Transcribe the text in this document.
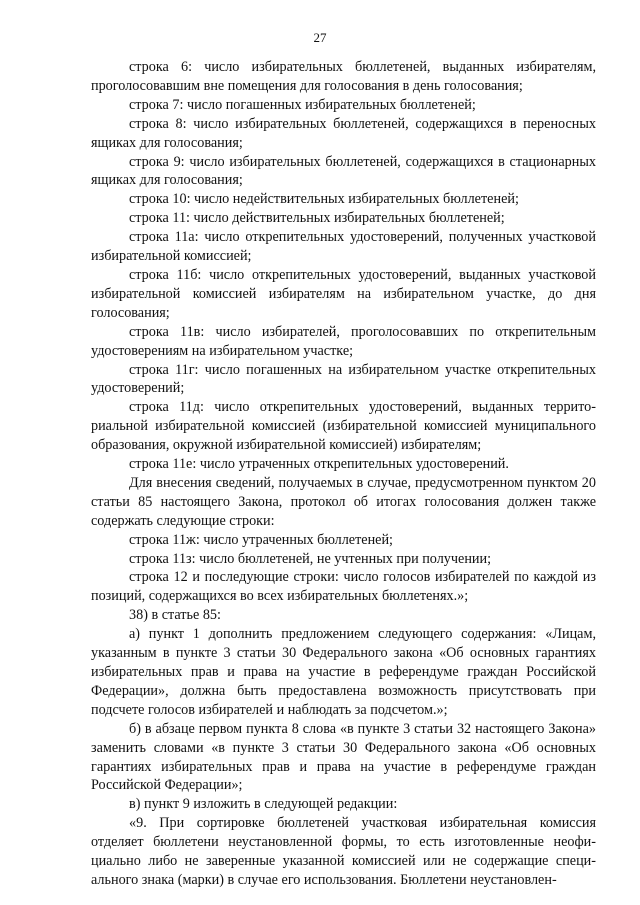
27

строка 6: число избирательных бюллетеней, выданных избирателям, проголосовавшим вне помещения для голосования в день голосования;

строка 7: число погашенных избирательных бюллетеней;

строка 8: число избирательных бюллетеней, содержащихся в переносных ящиках для голосования;

строка 9: число избирательных бюллетеней, содержащихся в стационарных ящиках для голосования;

строка 10: число недействительных избирательных бюллетеней;

строка 11: число действительных избирательных бюллетеней;

строка 11а: число открепительных удостоверений, полученных участковой избирательной комиссией;

строка 11б: число открепительных удостоверений, выданных участковой избирательной комиссией избирателям на избирательном участке, до дня голосования;

строка 11в: число избирателей, проголосовавших по открепительным удостоверениям на избирательном участке;

строка 11г: число погашенных на избирательном участке открепительных удостоверений;

строка 11д: число открепительных удостоверений, выданных территориальной избирательной комиссией (избирательной комиссией муниципального образования, окружной избирательной комиссией) избирателям;

строка 11е: число утраченных открепительных удостоверений.

Для внесения сведений, получаемых в случае, предусмотренном пунктом 20 статьи 85 настоящего Закона, протокол об итогах голосования должен также содержать следующие строки:

строка 11ж: число утраченных бюллетеней;

строка 11з: число бюллетеней, не учтенных при получении;

строка 12 и последующие строки: число голосов избирателей по каждой из позиций, содержащихся во всех избирательных бюллетенях.»;

38) в статье 85:

а) пункт 1 дополнить предложением следующего содержания: «Лицам, указанным в пункте 3 статьи 30 Федерального закона «Об основных гарантиях избирательных прав и права на участие в референдуме граждан Российской Федерации», должна быть предоставлена возможность присутствовать при подсчете голосов избирателей и наблюдать за подсчетом.»;

б) в абзаце первом пункта 8 слова «в пункте 3 статьи 32 настоящего Закона» заменить словами «в пункте 3 статьи 30 Федерального закона «Об основных гарантиях избирательных прав и права на участие в референдуме граждан Российской Федерации»;

в) пункт 9 изложить в следующей редакции:

«9. При сортировке бюллетеней участковая избирательная комиссия отделяет бюллетени неустановленной формы, то есть изготовленные неофициально либо не заверенные указанной комиссией или не содержащие специального знака (марки) в случае его использования. Бюллетени неустановлен-
